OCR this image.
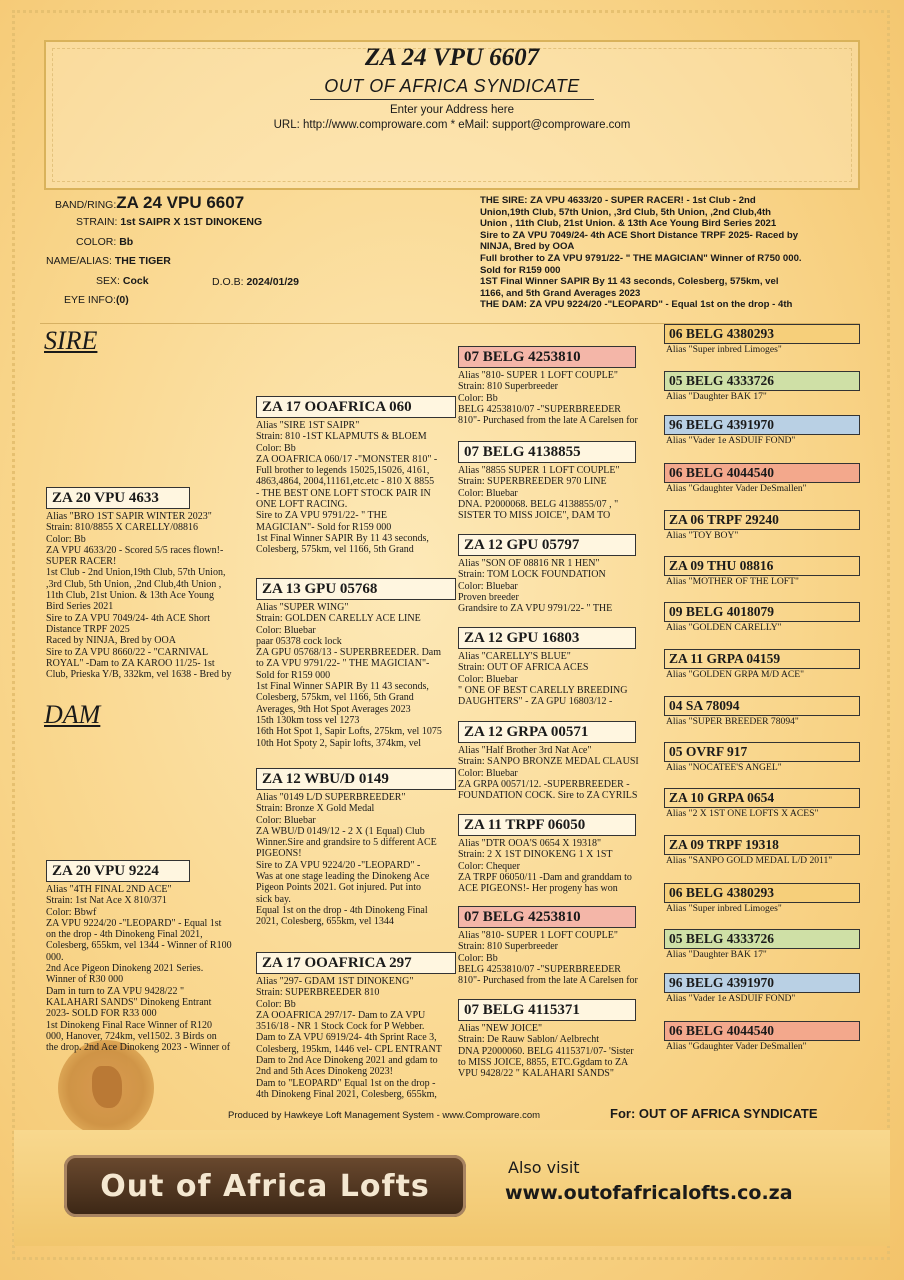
ZA 24 VPU 6607
OUT OF AFRICA SYNDICATE
Enter your Address here
URL: http://www.comproware.com * eMail: support@comproware.com
BAND/RING:ZA 24 VPU 6607
STRAIN: 1st SAIPR X 1ST DINOKENG
COLOR: Bb
NAME/ALIAS: THE TIGER
SEX: Cock	D.O.B: 2024/01/29
EYE INFO:(0)
THE SIRE: ZA VPU 4633/20 - SUPER RACER! - 1st Club - 2nd
Union,19th Club, 57th Union, ,3rd Club, 5th Union, ,2nd Club,4th
Union , 11th Club, 21st Union. & 13th Ace Young Bird Series 2021
Sire to ZA VPU 7049/24- 4th ACE Short Distance TRPF 2025- Raced by
NINJA, Bred by OOA
Full brother to ZA VPU 9791/22- " THE MAGICIAN" Winner of R750 000.
Sold for R159 000
1ST Final Winner SAPIR By 11 43 seconds, Colesberg, 575km, vel
1166, and 5th Grand Averages 2023
THE DAM: ZA VPU 9224/20 -"LEOPARD" - Equal 1st on the drop - 4th
SIRE
DAM
ZA 20 VPU 4633
Alias "BRO 1ST SAPIR WINTER 2023"
Strain: 810/8855 X CARELLY/08816
Color: Bb
ZA VPU 4633/20 - Scored 5/5 races flown!-
SUPER RACER!
1st Club - 2nd Union,19th Club, 57th Union,
,3rd Club, 5th Union, ,2nd Club,4th Union ,
11th Club, 21st Union. & 13th Ace Young
Bird Series 2021
Sire to ZA VPU 7049/24- 4th ACE Short
Distance TRPF 2025
Raced by NINJA, Bred by OOA
Sire to ZA VPU 8660/22 - "CARNIVAL
ROYAL" -Dam to ZA KAROO 11/25- 1st
Club, Prieska Y/B, 332km, vel 1638 - Bred by
ZA 20 VPU 9224
Alias "4TH FINAL 2ND ACE"
Strain: 1st Nat Ace X 810/371
Color: Bbwf
ZA VPU 9224/20 -"LEOPARD" - Equal 1st
on the drop - 4th Dinokeng Final 2021,
Colesberg, 655km, vel 1344 - Winner of R100
000.
2nd Ace Pigeon Dinokeng 2021 Series.
Winner of R30 000
Dam in turn to ZA VPU 9428/22 "
KALAHARI SANDS" Dinokeng Entrant
2023- SOLD FOR R33 000
1st Dinokeng Final Race Winner of R120
000, Hanover, 724km, vel1502. 3 Birds on
the drop. 2nd Ace Dinokeng 2023 - Winner of
ZA 17 OOAFRICA 060
Alias "SIRE 1ST SAIPR"
Strain: 810 -1ST KLAPMUTS & BLOEM
Color: Bb
ZA OOAFRICA 060/17 -"MONSTER 810" -
Full brother to legends 15025,15026, 4161,
4863,4864, 2004,11161,etc.etc - 810 X 8855
- THE BEST ONE LOFT STOCK PAIR IN
ONE LOFT RACING.
Sire to ZA VPU 9791/22- " THE
MAGICIAN"- Sold for R159 000
1st Final Winner SAPIR By 11 43 seconds,
Colesberg, 575km, vel 1166, 5th Grand
ZA 13 GPU 05768
Alias "SUPER WING"
Strain: GOLDEN CARELLY ACE LINE
Color: Bluebar
paar 05378 cock lock
ZA GPU 05768/13 - SUPERBREEDER. Dam
to ZA VPU 9791/22- " THE MAGICIAN"-
Sold for R159 000
1st Final Winner SAPIR By 11 43 seconds,
Colesberg, 575km, vel 1166, 5th Grand
Averages, 9th Hot Spot Averages 2023
15th 130km toss vel 1273
16th Hot Spot 1, Sapir Lofts, 275km, vel 1075
10th Hot Spoty 2, Sapir lofts, 374km, vel
ZA 12 WBU/D 0149
Alias "0149 L/D SUPERBREEDER"
Strain: Bronze X Gold Medal
Color: Bluebar
ZA WBU/D 0149/12 - 2 X (1 Equal) Club
Winner.Sire and grandsire to 5 different ACE
PIGEONS!
Sire to ZA VPU 9224/20 -"LEOPARD" -
Was at one stage leading the Dinokeng Ace
Pigeon Points 2021. Got injured. Put into
sick bay.
Equal 1st on the drop - 4th Dinokeng Final
2021, Colesberg, 655km, vel 1344
ZA 17 OOAFRICA 297
Alias "297- GDAM 1ST DINOKENG"
Strain: SUPERBREEDER 810
Color: Bb
ZA OOAFRICA 297/17- Dam to ZA VPU
3516/18 - NR 1 Stock Cock for P Webber.
Dam to ZA VPU 6919/24- 4th Sprint Race 3,
Colesberg, 195km, 1446 vel- CPL ENTRANT
Dam to 2nd Ace Dinokeng 2021 and gdam to
2nd and 5th Aces Dinokeng 2023!
Dam to "LEOPARD" Equal 1st on the drop -
4th Dinokeng Final 2021, Colesberg, 655km,
07 BELG 4253810
Alias "810- SUPER 1 LOFT COUPLE"
Strain: 810 Superbreeder
Color: Bb
BELG 4253810/07 -"SUPERBREEDER
810"- Purchased from the late A Carelsen for
07 BELG 4138855
Alias "8855 SUPER 1 LOFT COUPLE"
Strain: SUPERBREEDER 970 LINE
Color: Bluebar
DNA. P2000068. BELG 4138855/07 , "
SISTER TO MISS JOICE", DAM TO
ZA 12 GPU 05797
Alias "SON OF 08816 NR 1 HEN"
Strain: TOM LOCK FOUNDATION
Color: Bluebar
Proven breeder
Grandsire to ZA VPU 9791/22- " THE
ZA 12 GPU 16803
Alias "CARELLY'S BLUE"
Strain: OUT OF AFRICA ACES
Color: Bluebar
" ONE OF BEST CARELLY BREEDING
DAUGHTERS" - ZA GPU 16803/12 -
ZA 12 GRPA 00571
Alias "Half Brother 3rd Nat Ace"
Strain: SANPO BRONZE MEDAL CLAUSI
Color: Bluebar
ZA GRPA 00571/12. -SUPERBREEDER -
FOUNDATION COCK. Sire to ZA CYRILS
ZA 11 TRPF 06050
Alias "DTR OOA'S 0654 X 19318"
Strain: 2 X 1ST DINOKENG 1 X 1ST
Color: Chequer
ZA TRPF 06050/11 -Dam and granddam to
ACE PIGEONS!- Her progeny has won
07 BELG 4253810
Alias "810- SUPER 1 LOFT COUPLE"
Strain: 810 Superbreeder
Color: Bb
BELG 4253810/07 -"SUPERBREEDER
810"- Purchased from the late A Carelsen for
07 BELG 4115371
Alias "NEW JOICE"
Strain: De Rauw Sablon/ Aelbrecht
DNA P2000060. BELG 4115371/07- 'Sister
to MISS JOICE, 8855, ETC.Ggdam to ZA
VPU 9428/22 " KALAHARI SANDS"
06 BELG 4380293
Alias "Super inbred Limoges"
05 BELG 4333726
Alias "Daughter BAK 17"
96 BELG 4391970
Alias "Vader 1e ASDUIF FOND"
06 BELG 4044540
Alias "Gdaughter Vader DeSmallen"
ZA 06 TRPF 29240
Alias "TOY BOY"
ZA 09 THU 08816
Alias "MOTHER OF THE LOFT"
09 BELG 4018079
Alias "GOLDEN CARELLY"
ZA 11 GRPA 04159
Alias "GOLDEN GRPA M/D ACE"
04 SA 78094
Alias "SUPER BREEDER 78094"
05 OVRF 917
Alias "NOCATEE'S ANGEL"
ZA 10 GRPA 0654
Alias "2 X 1ST ONE LOFTS X ACES"
ZA 09 TRPF 19318
Alias "SANPO GOLD MEDAL L/D 2011"
06 BELG 4380293
Alias "Super inbred Limoges"
05 BELG 4333726
Alias "Daughter BAK 17"
96 BELG 4391970
Alias "Vader 1e ASDUIF FOND"
06 BELG 4044540
Alias "Gdaughter Vader DeSmallen"
Produced by Hawkeye Loft Management System - www.Comproware.com	For: OUT OF AFRICA SYNDICATE
Out of Africa Lofts
Also visit
www.outofafricalofts.co.za
